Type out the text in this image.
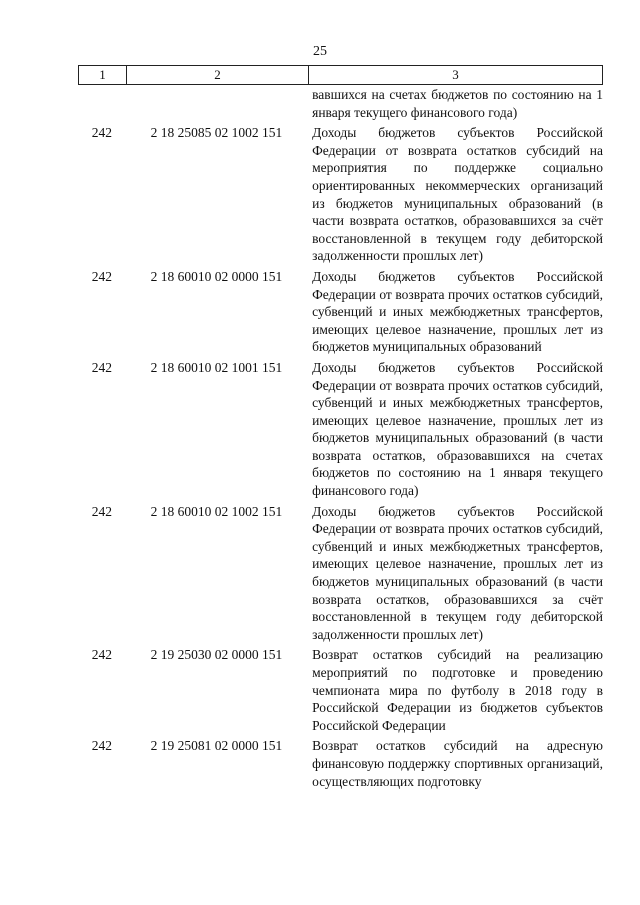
25
1	2	3
вавшихся на счетах бюджетов по состоянию на 1 января текущего финансового года)
242	2 18 25085 02 1002 151	Доходы бюджетов субъектов Российской Федерации от возврата остатков субсидий на мероприятия по поддержке социально ориентированных некоммерческих организаций из бюджетов муниципальных образований (в части возврата остатков, образовавшихся за счёт восстановленной в текущем году дебиторской задолженности прошлых лет)
242	2 18 60010 02 0000 151	Доходы бюджетов субъектов Российской Федерации от возврата прочих остатков субсидий, субвенций и иных межбюджетных трансфертов, имеющих целевое назначение, прошлых лет из бюджетов муниципальных образований
242	2 18 60010 02 1001 151	Доходы бюджетов субъектов Российской Федерации от возврата прочих остатков субсидий, субвенций и иных межбюджетных трансфертов, имеющих целевое назначение, прошлых лет из бюджетов муниципальных образований (в части возврата остатков, образовавшихся на счетах бюджетов по состоянию на 1 января текущего финансового года)
242	2 18 60010 02 1002 151	Доходы бюджетов субъектов Российской Федерации от возврата прочих остатков субсидий, субвенций и иных межбюджетных трансфертов, имеющих целевое назначение, прошлых лет из бюджетов муниципальных образований (в части возврата остатков, образовавшихся за счёт восстановленной в текущем году дебиторской задолженности прошлых лет)
242	2 19 25030 02 0000 151	Возврат остатков субсидий на реализацию мероприятий по подготовке и проведению чемпионата мира по футболу в 2018 году в Российской Федерации из бюджетов субъектов Российской Федерации
242	2 19 25081 02 0000 151	Возврат остатков субсидий на адресную финансовую поддержку спортивных организаций, осуществляющих подготовку
